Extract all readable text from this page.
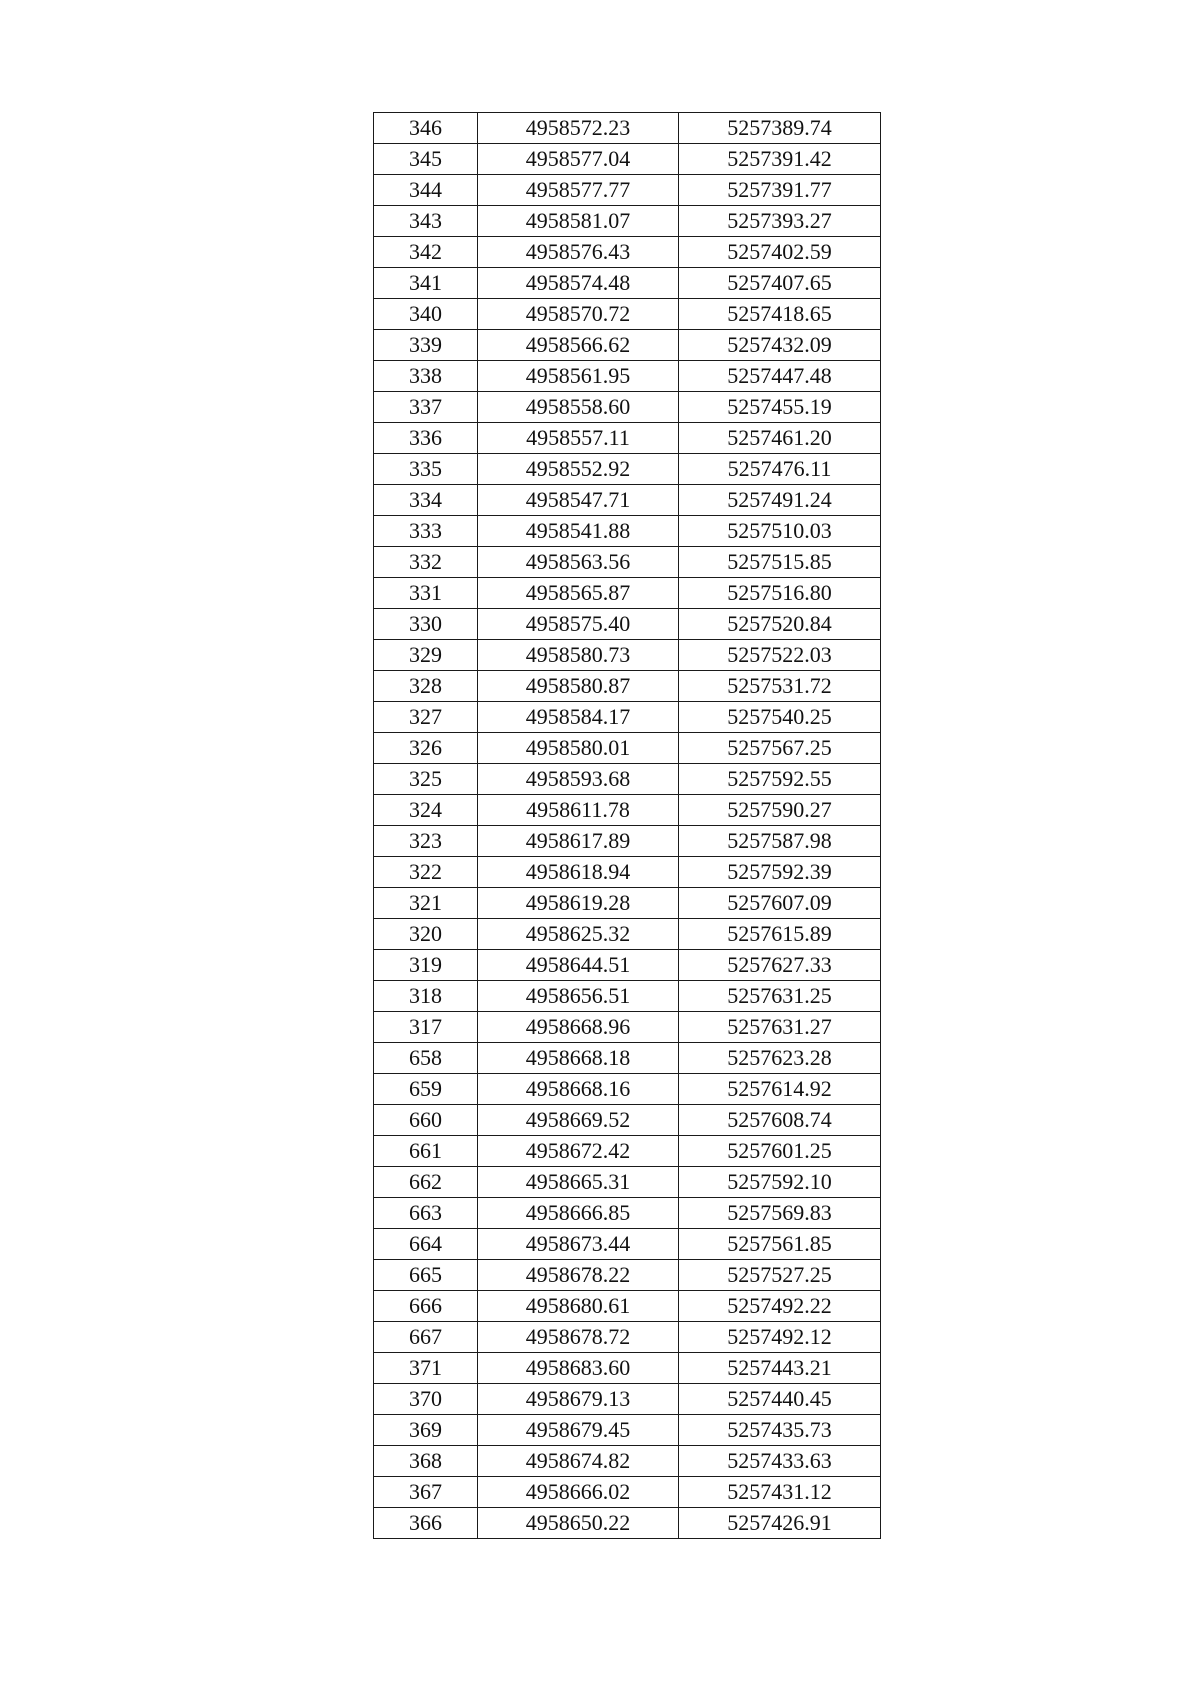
346	4958572.23	5257389.74
345	4958577.04	5257391.42
344	4958577.77	5257391.77
343	4958581.07	5257393.27
342	4958576.43	5257402.59
341	4958574.48	5257407.65
340	4958570.72	5257418.65
339	4958566.62	5257432.09
338	4958561.95	5257447.48
337	4958558.60	5257455.19
336	4958557.11	5257461.20
335	4958552.92	5257476.11
334	4958547.71	5257491.24
333	4958541.88	5257510.03
332	4958563.56	5257515.85
331	4958565.87	5257516.80
330	4958575.40	5257520.84
329	4958580.73	5257522.03
328	4958580.87	5257531.72
327	4958584.17	5257540.25
326	4958580.01	5257567.25
325	4958593.68	5257592.55
324	4958611.78	5257590.27
323	4958617.89	5257587.98
322	4958618.94	5257592.39
321	4958619.28	5257607.09
320	4958625.32	5257615.89
319	4958644.51	5257627.33
318	4958656.51	5257631.25
317	4958668.96	5257631.27
658	4958668.18	5257623.28
659	4958668.16	5257614.92
660	4958669.52	5257608.74
661	4958672.42	5257601.25
662	4958665.31	5257592.10
663	4958666.85	5257569.83
664	4958673.44	5257561.85
665	4958678.22	5257527.25
666	4958680.61	5257492.22
667	4958678.72	5257492.12
371	4958683.60	5257443.21
370	4958679.13	5257440.45
369	4958679.45	5257435.73
368	4958674.82	5257433.63
367	4958666.02	5257431.12
366	4958650.22	5257426.91
